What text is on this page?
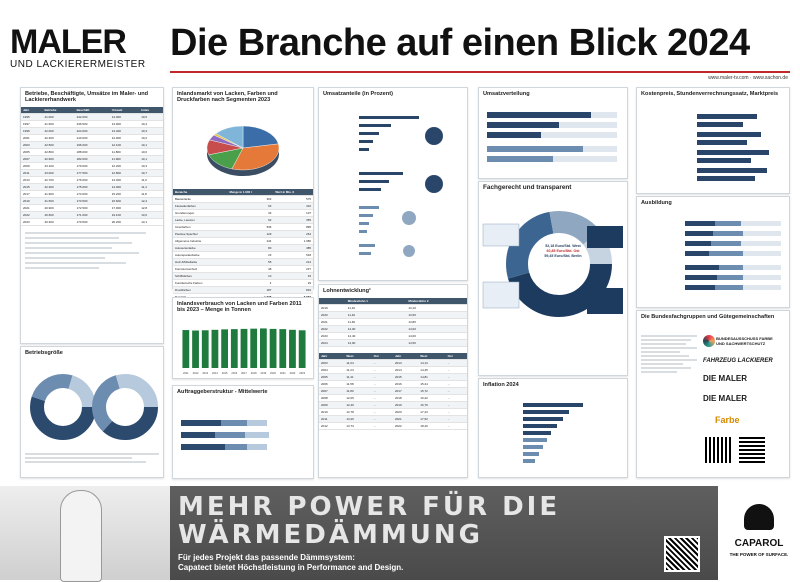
MALER
UND LACKIERERMEISTER
Die Branche auf einen Blick 2024
www.maler-tv.com · www.sachon.de
Betriebe, Beschäftigte, Umsätze im Maler- und Lackiererhandwerk
Jahr	Betriebe	Beschäft.	Umsatz	Index
1995	41.000	242.000	14.000	10,5
1997	41.600	236.500	13.900	10,4
1999	42.000	224.000	13.400	10,3
2001	42.300	210.000	12.900	10,2
2003	42.500	196.000	12.100	10,1
2005	42.800	188.000	11.800	10,0
2007	42.900	182.000	11.900	10,1
2009	43.100	179.000	12.200	10,3
2011	43.000	177.500	12.800	10,7
2013	42.700	176.000	13.300	11,0
2015	42.300	175.000	14.000	11,4
2017	41.900	174.000	15.200	11,8
2019	41.500	173.500	16.600	12,4
2021	40.900	172.500	17.900	12,8
2022	40.600	171.000	19.100	13,0
2023	40.300	170.500	20.200	13,1
Betriebsgröße
Inlandsmarkt von Lacken, Farben und Druckfarben nach Segmenten 2023
Bereiche	Menge in 1.000 t	Wert in Mio. €
Bautenlacke	363	575
Fassadenfarben	63	310
Grundierungen	33	107
Lacke, Lasuren	62	355
Innenfarben	536	895
Pastöse Spachtel	129	264
Allgemeine Industrie	244	1.080
Autoserienlacke	80	385
Autoreparaturlacke	23	518
Holz-/Möbellacke	55	214
Korrosionsschutz	48	237
Schiffsfarben	10	33
Kunstlerische Farben	4	29
Druckfarben	187	819

Inlandsverbrauch von Lacken und Farben 2011 bis 2023 – Menge in Tonnen
2011 2012 2013 2014 2015 2016 2017 2018 2019 2020 2021 2022 2023
Auftraggeberstruktur - Mittelwerte
Umsatzanteile (in Prozent)
Lohnentwicklung¹
	Mindestlohn 1	Mindestlohn 2
2019	11,10	13,10
2020	11,40	13,50
2021	11,60	13,80
2022	12,00	14,00
2023	12,40	14,00
2024	12,90	14,50
Jahr	West	Ost	Jahr	West	Ost
2003	11,04	...	2013	14,13	...
2004	11,24	...	2014	14,45	...
2005	11,41	...	2015	14,81	...
2006	11,58	...	2016	15,24	...
2007	11,80	...	2017	15,72	...
2008	12,05	...	2018	16,22	...
2009	12,40	...	2019	16,76	...
2010	12,78	...	2020	17,23	...
2011	13,26	...	2021	17,52	...
2012	13,73	...	2022	18,40	...
Umsatzverteilung
Fachgerecht und transparent
52,18 Euro/Std. West
60,85 Euro/Std. Ost
59,45 Euro/Std. Berlin
Inflation 2024
Kostenpreis, Stundenverrechnungssatz, Marktpreis
Ausbildung
Die Bundesfachgruppen und Gütegemeinschaften
BUNDESAUSSCHUSS FARBE UND SACHWERTSCHUTZ
FAHRZEUG LACKIERER
DIE MALER
DIE MALER
Farbe
MEHR POWER FÜR DIE
WÄRMEDÄMMUNG
Für jedes Projekt das passende Dämmsystem:
Capatect bietet Höchstleistung in Performance and Design.
CAPAROL
THE POWER OF SURFACE.
